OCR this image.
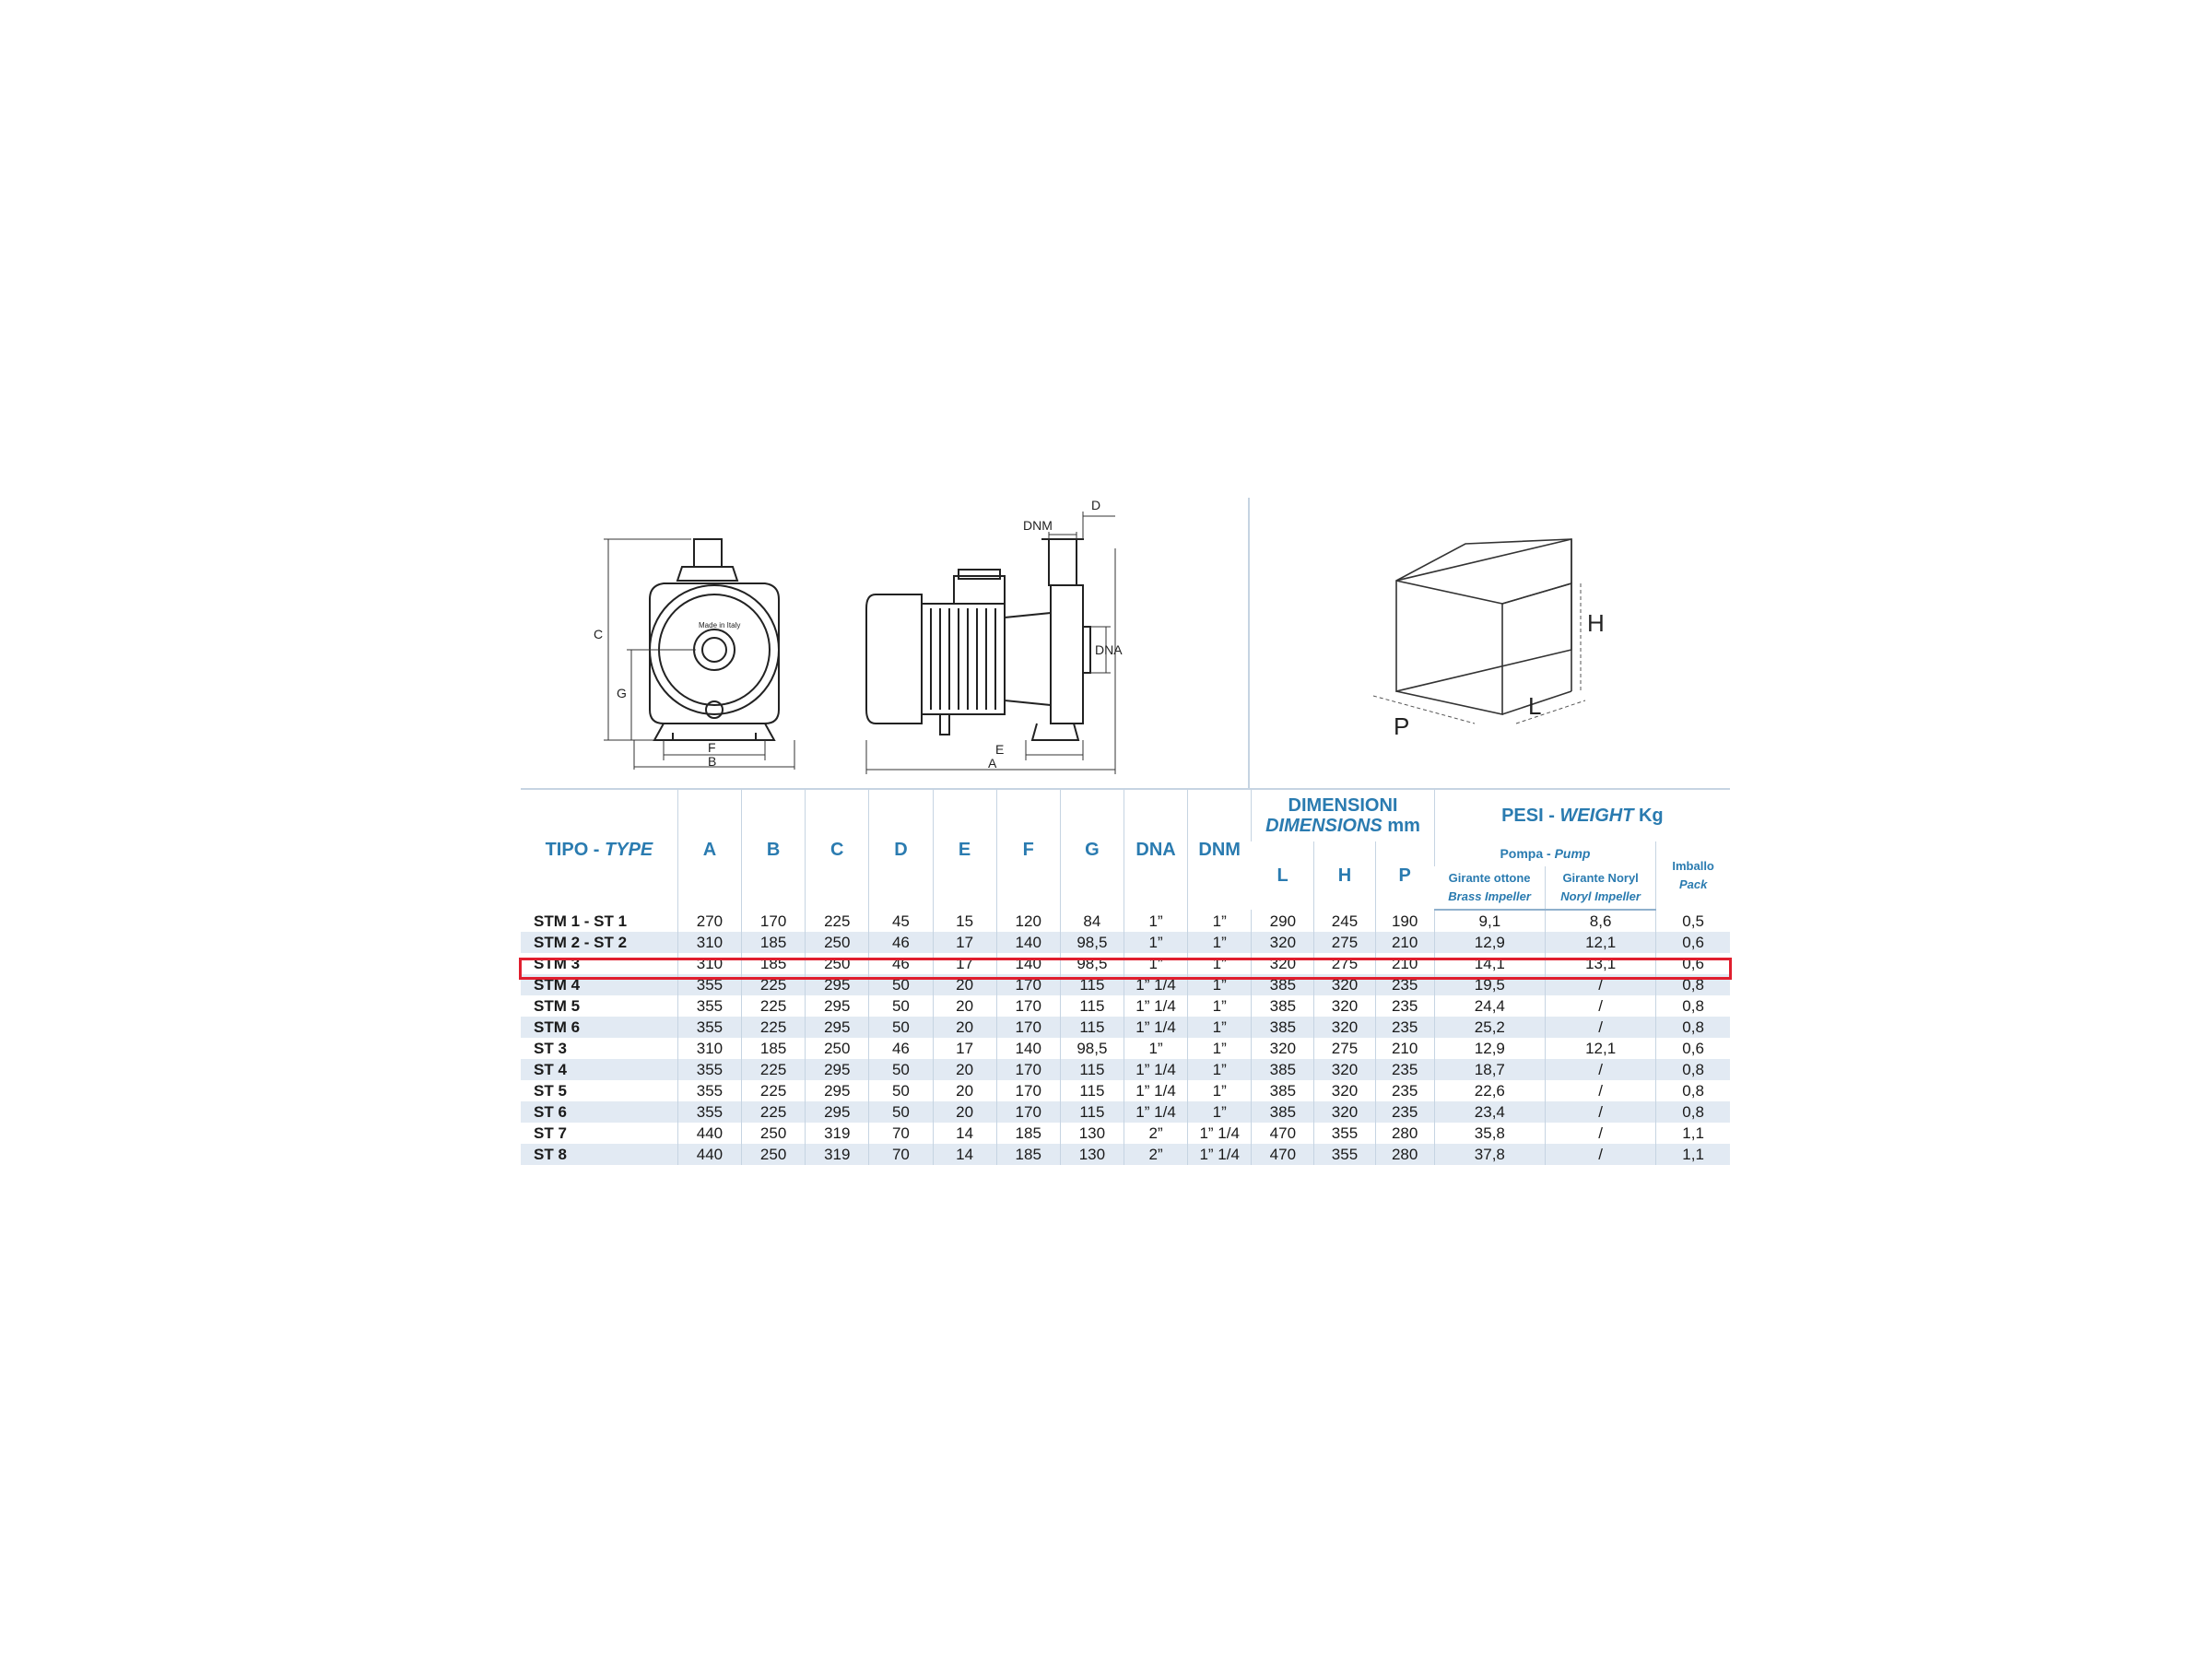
C
G
F
B
Made in Italy
D
DNM
DNA
E
A
H
P
L
TIPO - TYPE	A	B	C	D	E	F	G	DNA	DNM	DIMENSIONI
DIMENSIONS mm			PESI - WEIGHT Kg		
										L	H	P	Pompa - Pump		Imballo
Pack
													Girante ottone
Brass Impeller	Girante Noryl
Noryl Impeller	
STM 1 - ST 1	270	170	225	45	15	120	84	1”	1”	290	245	190	9,1	8,6	0,5
STM 2 - ST 2	310	185	250	46	17	140	98,5	1”	1”	320	275	210	12,9	12,1	0,6
STM 3	310	185	250	46	17	140	98,5	1”	1”	320	275	210	14,1	13,1	0,6
STM 4	355	225	295	50	20	170	115	1” 1/4	1”	385	320	235	19,5	/	0,8
STM 5	355	225	295	50	20	170	115	1” 1/4	1”	385	320	235	24,4	/	0,8
STM 6	355	225	295	50	20	170	115	1” 1/4	1”	385	320	235	25,2	/	0,8
ST 3	310	185	250	46	17	140	98,5	1”	1”	320	275	210	12,9	12,1	0,6
ST 4	355	225	295	50	20	170	115	1” 1/4	1”	385	320	235	18,7	/	0,8
ST 5	355	225	295	50	20	170	115	1” 1/4	1”	385	320	235	22,6	/	0,8
ST 6	355	225	295	50	20	170	115	1” 1/4	1”	385	320	235	23,4	/	0,8
ST 7	440	250	319	70	14	185	130	2”	1” 1/4	470	355	280	35,8	/	1,1
ST 8	440	250	319	70	14	185	130	2”	1” 1/4	470	355	280	37,8	/	1,1
